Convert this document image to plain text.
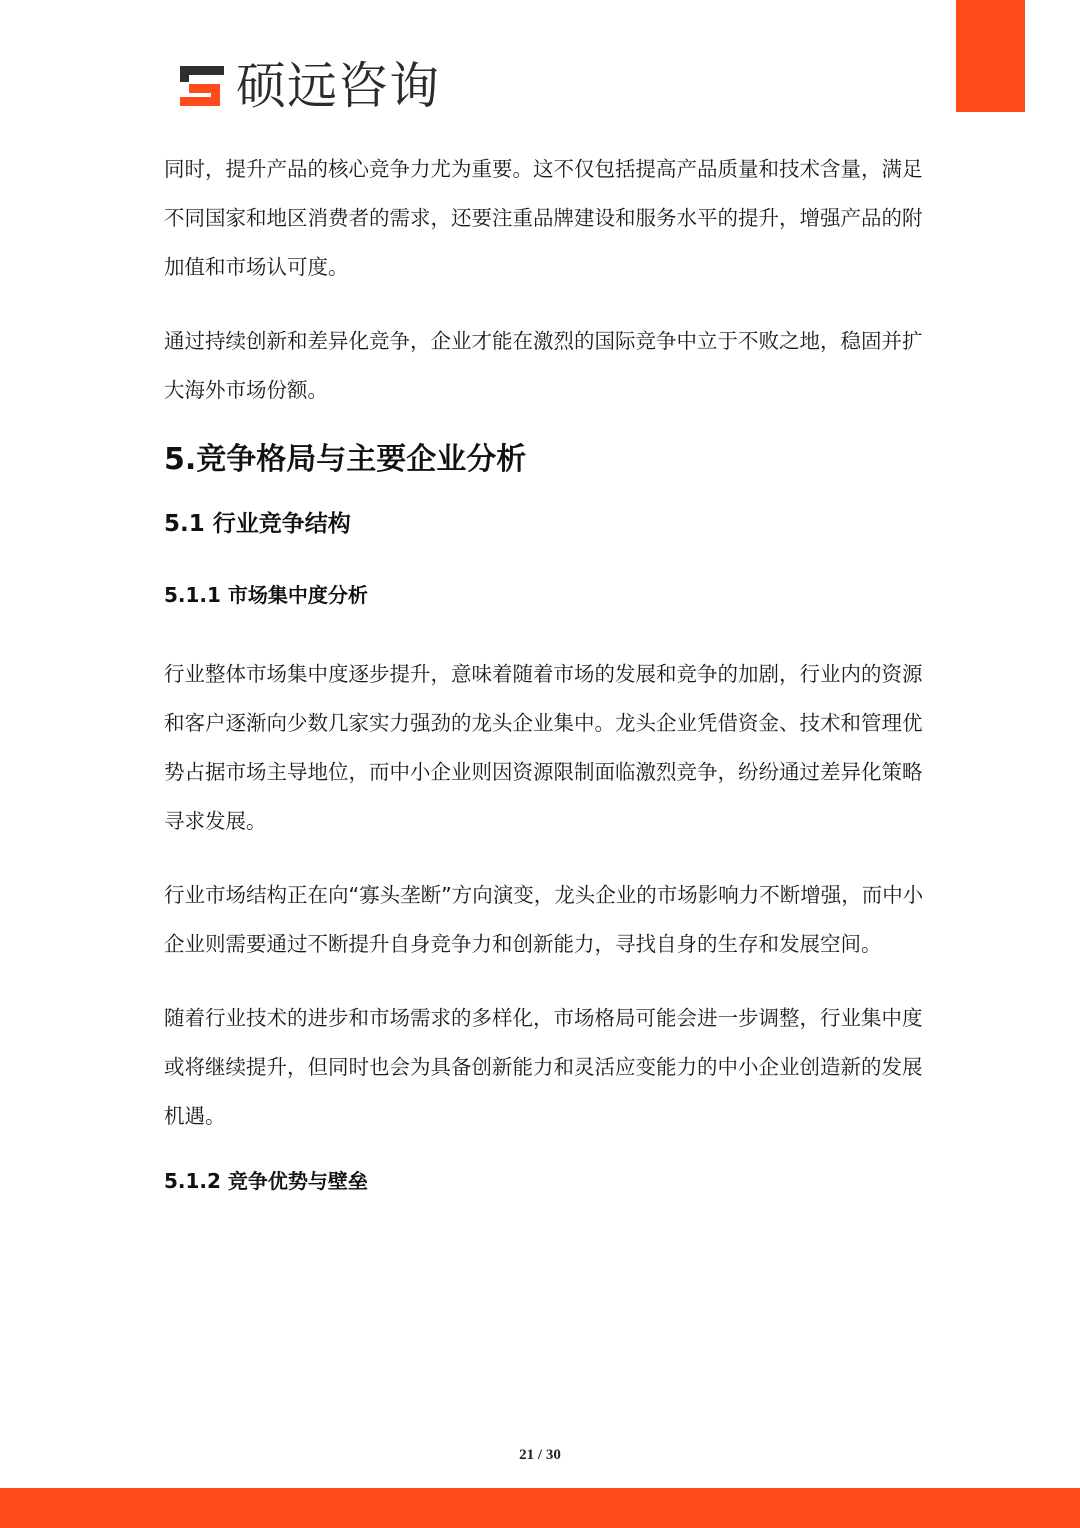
硕远咨询

同时，提升产品的核心竞争力尤为重要。这不仅包括提高产品质量和技术含量，满足不同国家和地区消费者的需求，还要注重品牌建设和服务水平的提升，增强产品的附加值和市场认可度。

通过持续创新和差异化竞争，企业才能在激烈的国际竞争中立于不败之地，稳固并扩大海外市场份额。

5.竞争格局与主要企业分析
5.1 行业竞争结构
5.1.1 市场集中度分析

行业整体市场集中度逐步提升，意味着随着市场的发展和竞争的加剧，行业内的资源和客户逐渐向少数几家实力强劲的龙头企业集中。龙头企业凭借资金、技术和管理优势占据市场主导地位，而中小企业则因资源限制面临激烈竞争，纷纷通过差异化策略寻求发展。

行业市场结构正在向“寡头垄断”方向演变，龙头企业的市场影响力不断增强，而中小企业则需要通过不断提升自身竞争力和创新能力，寻找自身的生存和发展空间。

随着行业技术的进步和市场需求的多样化，市场格局可能会进一步调整，行业集中度或将继续提升，但同时也会为具备创新能力和灵活应变能力的中小企业创造新的发展机遇。

5.1.2 竞争优势与壁垒
21 / 30
